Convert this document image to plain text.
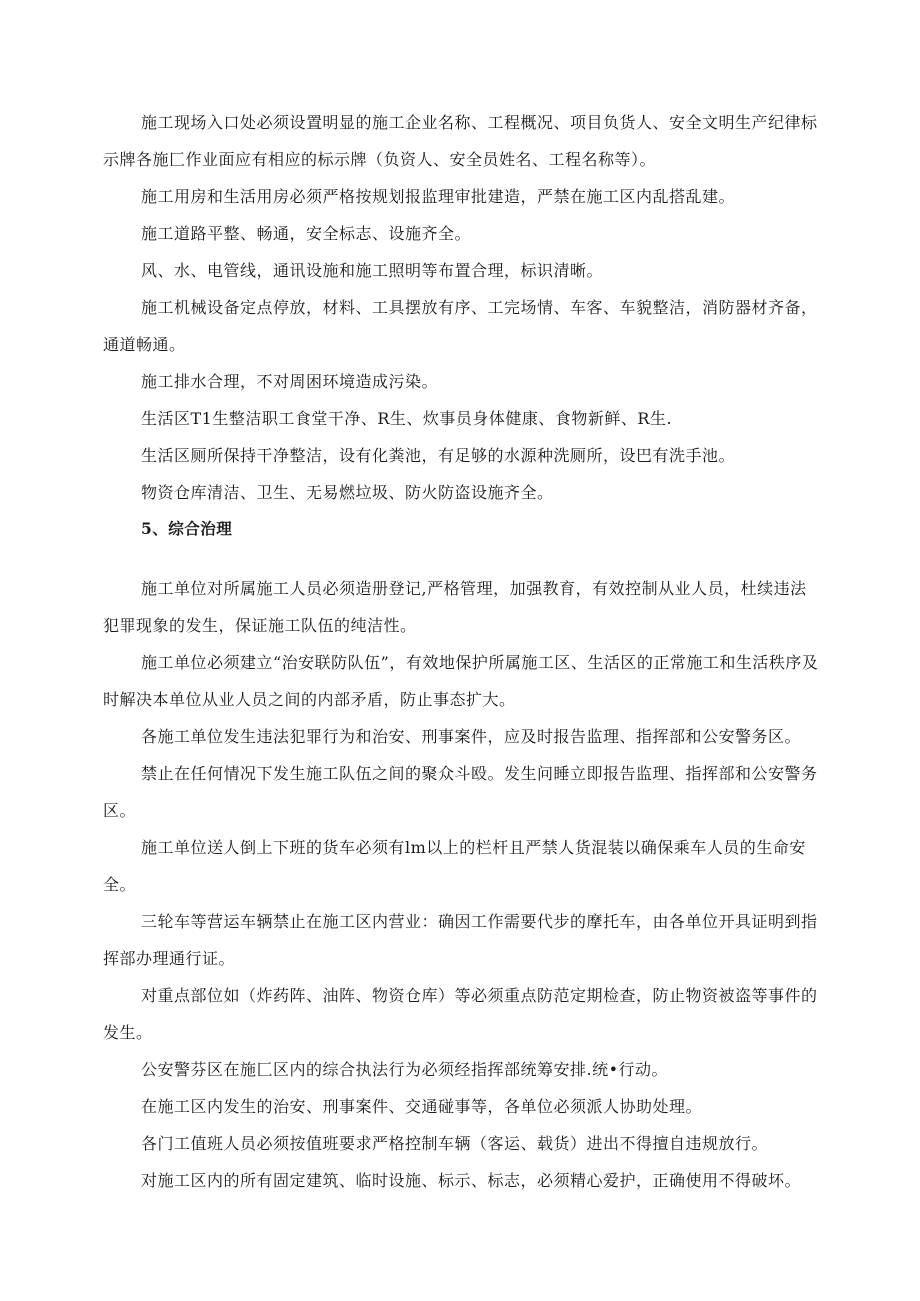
施工现场入口处必须设置明显的施工企业名称、工程概况、项目负货人、安全文明生产纪律标示牌各施匚作业面应有相应的标示牌（负资人、安全员姓名、工程名称等）。

施工用房和生活用房必须严格按规划报监理审批建造，严禁在施工区内乱搭乱建。

施工道路平整、畅通，安全标志、设施齐全。

风、水、电管线，通讯设施和施工照明等布置合理，标识清晰。

施工机械设备定点停放，材料、工具摆放有序、工完场情、车客、车貌整洁，消防器材齐备，通道畅通。

施工排水合理，不对周困环境造成污染。

生活区T1生整洁职工食堂干净、R生、炊事员身体健康、食物新鲜、R生.

生活区厕所保持干净整洁，设有化粪池，有足够的水源种洗厕所，设巴有洗手池。

物资仓库清洁、卫生、无易燃垃圾、防火防盗设施齐全。

5、综合治理

施工单位对所属施工人员必须造册登记,严格管理，加强教育，有效控制从业人员，杜续违法犯罪现象的发生，保证施工队伍的纯洁性。

施工单位必须建立“治安联防队伍”，有效地保护所属施工区、生活区的正常施工和生活秩序及时解决本单位从业人员之间的内部矛盾，防止事态扩大。

各施工单位发生违法犯罪行为和治安、刑事案件，应及时报告监理、指挥部和公安警务区。

禁止在任何情况下发生施工队伍之间的聚众斗殴。发生问睡立即报告监理、指挥部和公安警务区。

施工单位送人倒上下班的货车必须有lm以上的栏杆且严禁人货混装以确保乘车人员的生命安全。

三轮车等营运车辆禁止在施工区内营业：确因工作需要代步的摩托车，由各单位开具证明到指挥部办理通行证。

对重点部位如（炸药阵、油阵、物资仓库）等必须重点防范定期检查，防止物资被盗等事件的发生。

公安警芬区在施匚区内的综合执法行为必须经指挥部统筹安排.统•行动。

在施工区内发生的治安、刑事案件、交通碰事等，各单位必须派人协助处理。

各门工值班人员必须按值班要求严格控制车辆（客运、载货）进出不得擅自违规放行。

对施工区内的所有固定建筑、临时设施、标示、标志，必须精心爱护，正确使用不得破坏。
